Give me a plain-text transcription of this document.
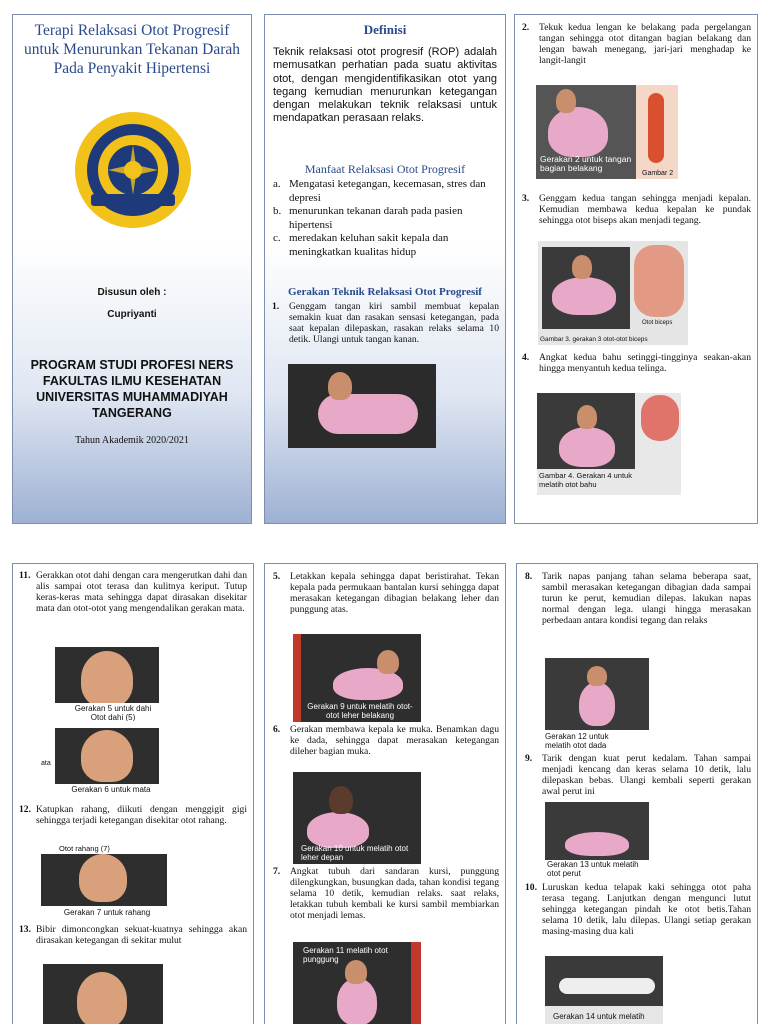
Terapi Relaksasi Otot Progresif untuk Menurunkan Tekanan Darah Pada Penyakit Hipertensi
Disusun oleh :
Cupriyanti
PROGRAM STUDI PROFESI NERS FAKULTAS ILMU KESEHATAN UNIVERSITAS MUHAMMADIYAH TANGERANG
Tahun Akademik 2020/2021
Definisi
Teknik relaksasi otot progresif (ROP) adalah memusatkan perhatian pada suatu aktivitas otot, dengan mengidentifikasikan otot yang tegang kemudian menurunkan ketegangan dengan melakukan teknik relaksasi untuk mendapatkan perasaan relaks.
Manfaat Relaksasi Otot Progresif
a. Mengatasi ketegangan, kecemasan, stres dan depresi
b. menurunkan tekanan darah pada pasien hipertensi
c. meredakan keluhan sakit kepala dan meningkatkan kualitas hidup
Gerakan Teknik Relaksasi Otot Progresif
1. Genggam tangan kiri sambil membuat kepalan semakin kuat dan rasakan sensasi ketegangan, pada saat kepalan dilepaskan, rasakan relaks selama 10 detik. Ulangi untuk tangan kanan.
2. Tekuk kedua lengan ke belakang pada pergelangan tangan sehingga otot ditangan bagian belakang dan lengan bawah menegang, jari-jari menghadap ke langit-langit
Gerakan 2 untuk tangan bagian belakang
Gambar 2
3. Genggam kedua tangan sehingga menjadi kepalan. Kemudian membawa kedua kepalan ke pundak sehingga otot biseps akan menjadi tegang.
Otot biceps
Gambar 3. gerakan 3 otot-otot biceps
4. Angkat kedua bahu setinggi-tingginya seakan-akan hingga menyantuh kedua telinga.
Gambar 4. Gerakan 4 untuk melatih otot bahu
11. Gerakkan otot dahi dengan cara mengerutkan dahi dan alis sampai otot terasa dan kulitnya keriput. Tutup keras-keras mata sehingga dapat dirasakan disekitar mata dan otot-otot yang mengendalikan gerakan mata.
Gerakan 5 untuk dahi Otot dahi (5)
ata
Gerakan 6 untuk mata
12. Katupkan rahang, diikuti dengan menggigit gigi sehingga terjadi ketegangan disekitar otot rahang.
Otot rahang (7)
Gerakan 7 untuk rahang
13. Bibir dimoncongkan sekuat-kuatnya sehingga akan dirasakan ketegangan di sekitar mulut
5. Letakkan kepala sehingga dapat beristirahat. Tekan kepala pada permukaan bantalan kursi sehingga dapat merasakan ketegangan dibagian belakang leher dan punggung atas.
Gerakan 9 untuk melatih otot-otot leher belakang
6. Gerakan membawa kepala ke muka. Benamkan dagu ke dada, sehingga dapat merasakan ketegangan dileher bagian muka.
Gerakan 10 untuk melatih otot leher depan
7. Angkat tubuh dari sandaran kursi, punggung dilengkungkan, busungkan dada, tahan kondisi tegang selama 10 detik, kemudian relaks. saat relaks, letakkan tubuh kembali ke kursi sambil membiarkan otot menjadi lemas.
Gerakan 11 melatih otot punggung
8. Tarik napas panjang tahan selama beberapa saat, sambil merasakan ketegangan dibagian dada sampai turun ke perut, kemudian dilepas. lakukan napas normal dengan lega. ulangi hingga merasakan perbedaan antara kondisi tegang dan relaks
Gerakan 12 untuk melatih otot dada
9. Tarik dengan kuat perut kedalam. Tahan sampai menjadi kencang dan keras selama 10 detik, lalu dilepaskan bebas. Ulangi kembali seperti gerakan awal perut ini
Gerakan 13 untuk melatih otot perut
10. Luruskan kedua telapak kaki sehingga otot paha terasa tegang. Lanjutkan dengan mengunci lutut sehingga ketegangan pindah ke otot betis.Tahan selama 10 detik, lalu dilepas. Ulangi setiap gerakan masing-masing dua kali
Gerakan 14 untuk melatih
